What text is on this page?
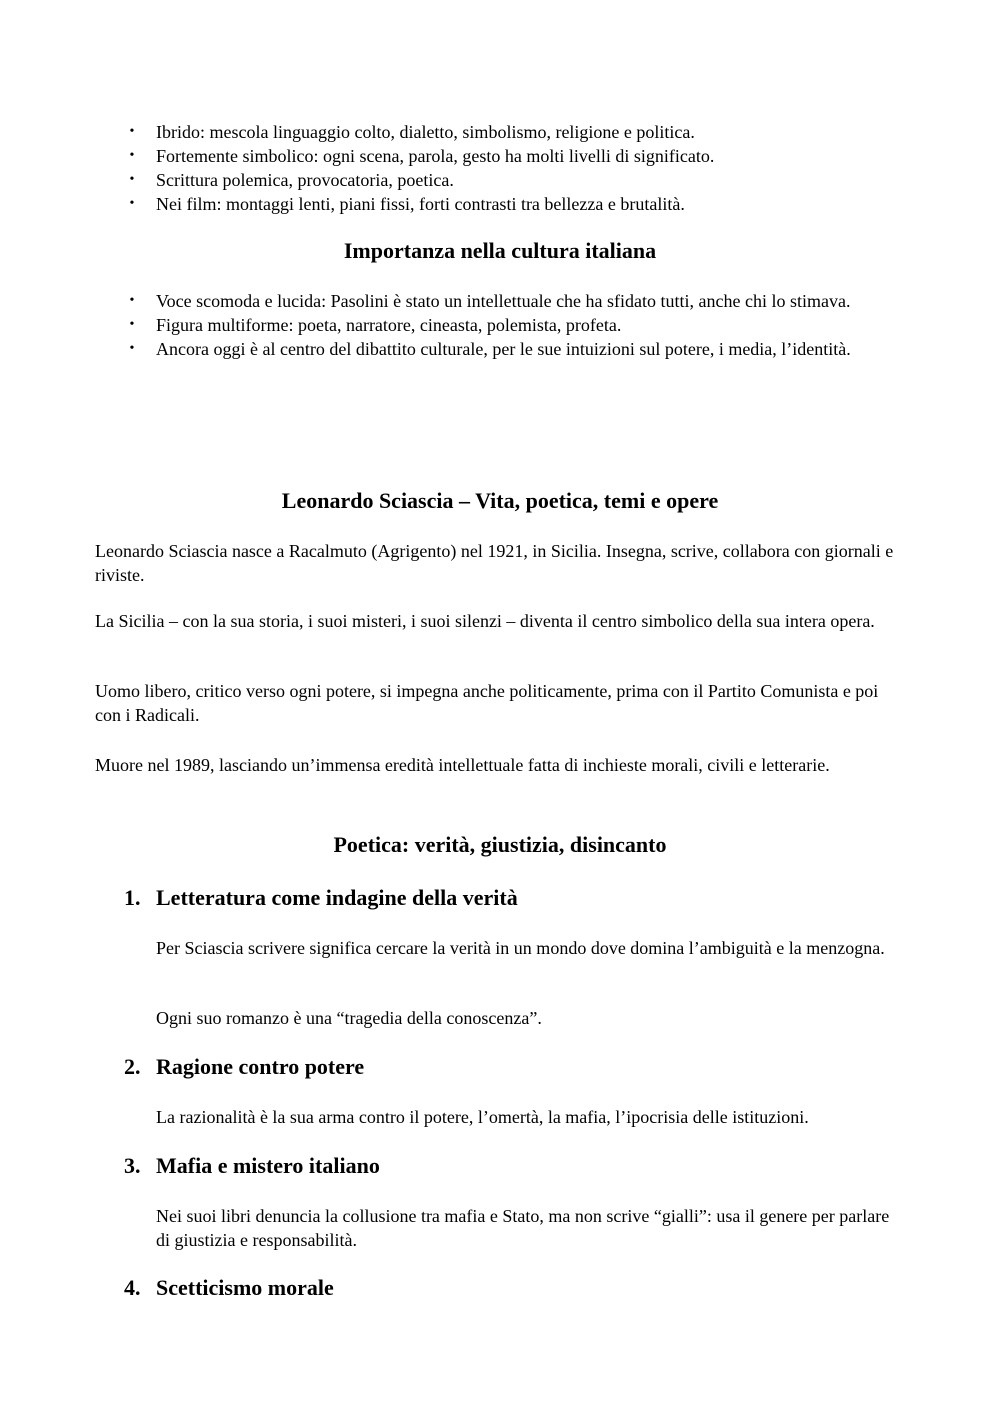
• Ibrido: mescola linguaggio colto, dialetto, simbolismo, religione e politica.
• Fortemente simbolico: ogni scena, parola, gesto ha molti livelli di significato.
• Scrittura polemica, provocatoria, poetica.
• Nei film: montaggi lenti, piani fissi, forti contrasti tra bellezza e brutalità.
Importanza nella cultura italiana
• Voce scomoda e lucida: Pasolini è stato un intellettuale che ha sfidato tutti, anche chi lo stimava.
• Figura multiforme: poeta, narratore, cineasta, polemista, profeta.
• Ancora oggi è al centro del dibattito culturale, per le sue intuizioni sul potere, i media, l’identità.
Leonardo Sciascia – Vita, poetica, temi e opere

Leonardo Sciascia nasce a Racalmuto (Agrigento) nel 1921, in Sicilia. Insegna, scrive, collabora con giornali e riviste.

La Sicilia – con la sua storia, i suoi misteri, i suoi silenzi – diventa il centro simbolico della sua intera opera.

Uomo libero, critico verso ogni potere, si impegna anche politicamente, prima con il Partito Comunista e poi con i Radicali.

Muore nel 1989, lasciando un’immensa eredità intellettuale fatta di inchieste morali, civili e letterarie.

Poetica: verità, giustizia, disincanto
1. Letteratura come indagine della verità

Per Sciascia scrivere significa cercare la verità in un mondo dove domina l’ambiguità e la menzogna.

Ogni suo romanzo è una “tragedia della conoscenza”.

2. Ragione contro potere

La razionalità è la sua arma contro il potere, l’omertà, la mafia, l’ipocrisia delle istituzioni.

3. Mafia e mistero italiano

Nei suoi libri denuncia la collusione tra mafia e Stato, ma non scrive “gialli”: usa il genere per parlare di giustizia e responsabilità.

4. Scetticismo morale
